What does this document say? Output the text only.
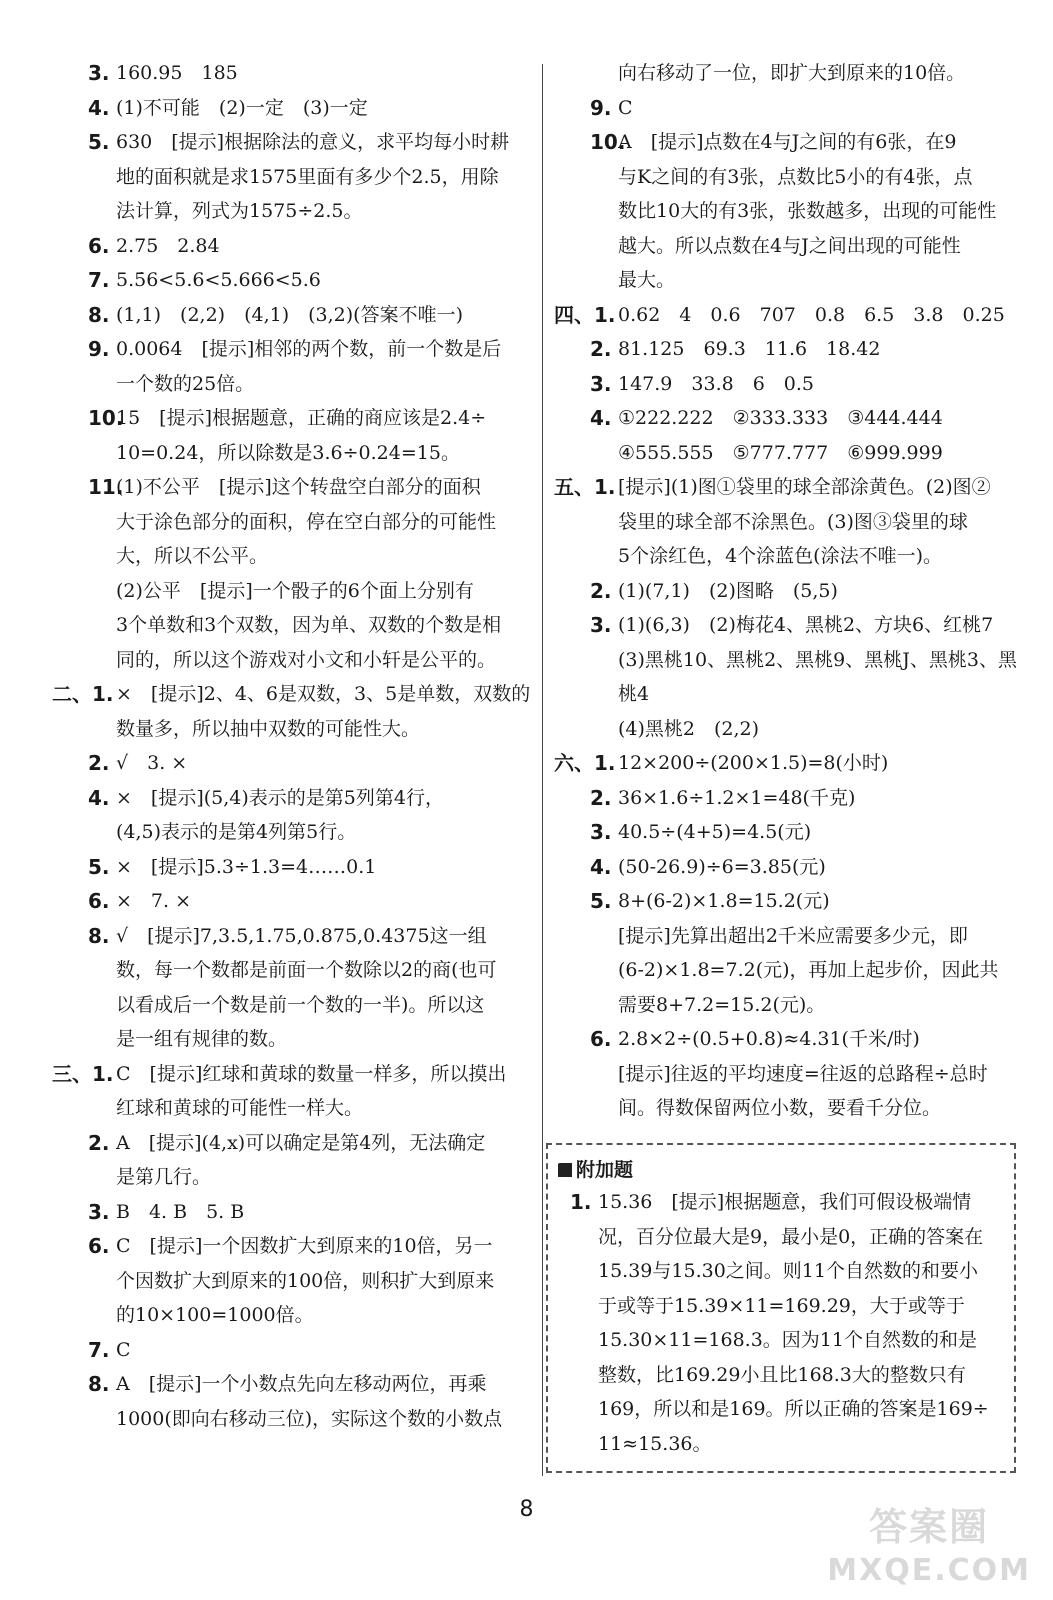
3. 160.95　185
4. (1)不可能　(2)一定　(3)一定
5. 630　[提示]根据除法的意义，求平均每小时耕
地的面积就是求1575里面有多少个2.5，用除
法计算，列式为1575÷2.5。
6. 2.75　2.84
7. 5.5̇6<5.6<5.666<5.6
8. (1,1)　(2,2)　(4,1)　(3,2)(答案不唯一)
9. 0.0064　[提示]相邻的两个数，前一个数是后
一个数的25倍。
10.
15　[提示]根据题意，正确的商应该是2.4÷
10=0.24，所以除数是3.6÷0.24=15。
11.
(1)不公平　[提示]这个转盘空白部分的面积
大于涂色部分的面积，停在空白部分的可能性
大，所以不公平。
(2)公平　[提示]一个骰子的6个面上分别有
3个单数和3个双数，因为单、双数的个数是相
同的，所以这个游戏对小文和小轩是公平的。
二、1. ×　[提示]2、4、6是双数，3、5是单数，双数的
数量多，所以抽中双数的可能性大。
2. √　3. ×
4. ×　[提示](5,4)表示的是第5列第4行，
(4,5)表示的是第4列第5行。
5. ×　[提示]5.3÷1.3=4……0.1
6. ×　7. ×
8. √　[提示]7,3.5,1.75,0.875,0.4375这一组
数，每一个数都是前面一个数除以2的商(也可
以看成后一个数是前一个数的一半)。所以这
是一组有规律的数。
三、1. C　[提示]红球和黄球的数量一样多，所以摸出
红球和黄球的可能性一样大。
2. A　[提示](4,x)可以确定是第4列，无法确定
是第几行。
3. B　4. B　5. B
6. C　[提示]一个因数扩大到原来的10倍，另一
个因数扩大到原来的100倍，则积扩大到原来
的10×100=1000倍。
7. C
8. A　[提示]一个小数点先向左移动两位，再乘
1000(即向右移动三位)，实际这个数的小数点
向右移动了一位，即扩大到原来的10倍。
9. C
10.
A　[提示]点数在4与J之间的有6张，在9
与K之间的有3张，点数比5小的有4张，点
数比10大的有3张，张数越多，出现的可能性
越大。所以点数在4与J之间出现的可能性
最大。
四、1. 0.62　4　0.6　707　0.8　6.5　3.8　0.25
2. 81.125　69.3　11.6̇　18.42
3. 147.9　33.8　6　0.5
4. ①222.222　②333.333　③444.444
④555.555　⑤777.777　⑥999.999
五、1. [提示](1)图①袋里的球全部涂黄色。(2)图②
袋里的球全部不涂黑色。(3)图③袋里的球
5个涂红色，4个涂蓝色(涂法不唯一)。
2. (1)(7,1)　(2)图略　(5,5)
3. (1)(6,3)　(2)梅花4、黑桃2、方块6、红桃7
(3)黑桃10、黑桃2、黑桃9、黑桃J、黑桃3、黑
桃4
(4)黑桃2　(2,2)
六、1. 12×200÷(200×1.5)=8(小时)
2. 36×1.6÷1.2×1=48(千克)
3. 40.5÷(4+5)=4.5(元)
4. (50-26.9)÷6=3.85(元)
5. 8+(6-2)×1.8=15.2(元)
[提示]先算出超出2千米应需要多少元，即
(6-2)×1.8=7.2(元)，再加上起步价，因此共
需要8+7.2=15.2(元)。
6. 2.8×2÷(0.5+0.8)≈4.31(千米/时)
[提示]往返的平均速度=往返的总路程÷总时
间。得数保留两位小数，要看千分位。
附加题
1. 15.36　[提示]根据题意，我们可假设极端情
况，百分位最大是9，最小是0，正确的答案在
15.39与15.30之间。则11个自然数的和要小
于或等于15.39×11=169.29，大于或等于
15.30×11=168.3。因为11个自然数的和是
整数，比169.29小且比168.3大的整数只有
169，所以和是169。所以正确的答案是169÷
11≈15.36。
8	答案圈
MXQE.COM
